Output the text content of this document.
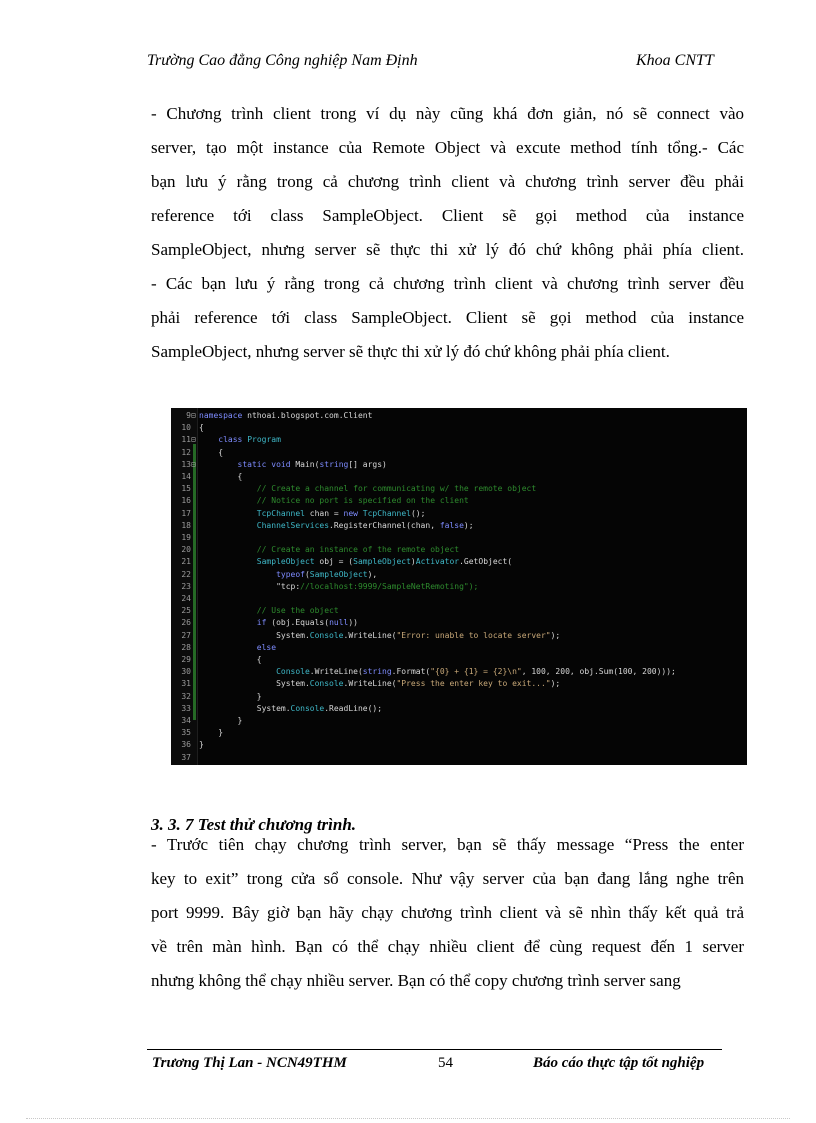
Trường Cao đẳng Công nghiệp Nam Định	Khoa CNTT
- Chương trình client trong ví dụ này cũng khá đơn giản, nó sẽ connect vào
server, tạo một instance của Remote Object và excute method tính tổng.- Các
bạn lưu ý rằng trong cả chương trình client và chương trình server đều phải
reference tới class SampleObject. Client sẽ gọi method của instance
SampleObject, nhưng server sẽ thực thi xử lý đó chứ không phải phía client.
- Các bạn lưu ý rằng trong cả chương trình client và chương trình server đều
phải reference tới class SampleObject. Client sẽ gọi method của instance
SampleObject, nhưng server sẽ thực thi xử lý đó chứ không phải phía client.
9⊟ namespace nthoai.blogspot.com.Client
10 {
11⊟	class Program
12     {
13⊟	static void Main(string[] args)
14         {
15	// Create a channel for communicating w/ the remote object
16	// Notice no port is specified on the client
17	TcpChannel chan = new TcpChannel();
18	ChannelServices.RegisterChannel(chan, false);
19
20	// Create an instance of the remote object
21	SampleObject obj = (SampleObject)Activator.GetObject(
22	typeof(SampleObject),
23                 "tcp://localhost:9999/SampleNetRemoting");
24
25	// Use the object
26	if (obj.Equals(null))
27                 System.Console.WriteLine("Error: unable to locate server");
28	else
29             {
30	Console.WriteLine(string.Format("{0} + {1} = {2}\n", 100, 200, obj.Sum(100, 200)));
31                 System.Console.WriteLine("Press the enter key to exit...");
32             }
33             System.Console.ReadLine();
34         }
35     }
36 }
37
3. 3. 7 Test thử chương trình.
- Trước tiên chạy chương trình server, bạn sẽ thấy message “Press the enter
key to exit” trong cửa sổ console. Như vậy server của bạn đang lắng nghe trên
port 9999. Bây giờ bạn hãy chạy chương trình client và sẽ nhìn thấy kết quả trả
về trên màn hình. Bạn có thể chạy nhiều client để cùng request đến 1 server
nhưng không thể chạy nhiều server. Bạn có thể copy chương trình server sang
Trương Thị Lan - NCN49THM	54	Báo cáo thực tập tốt nghiệp
